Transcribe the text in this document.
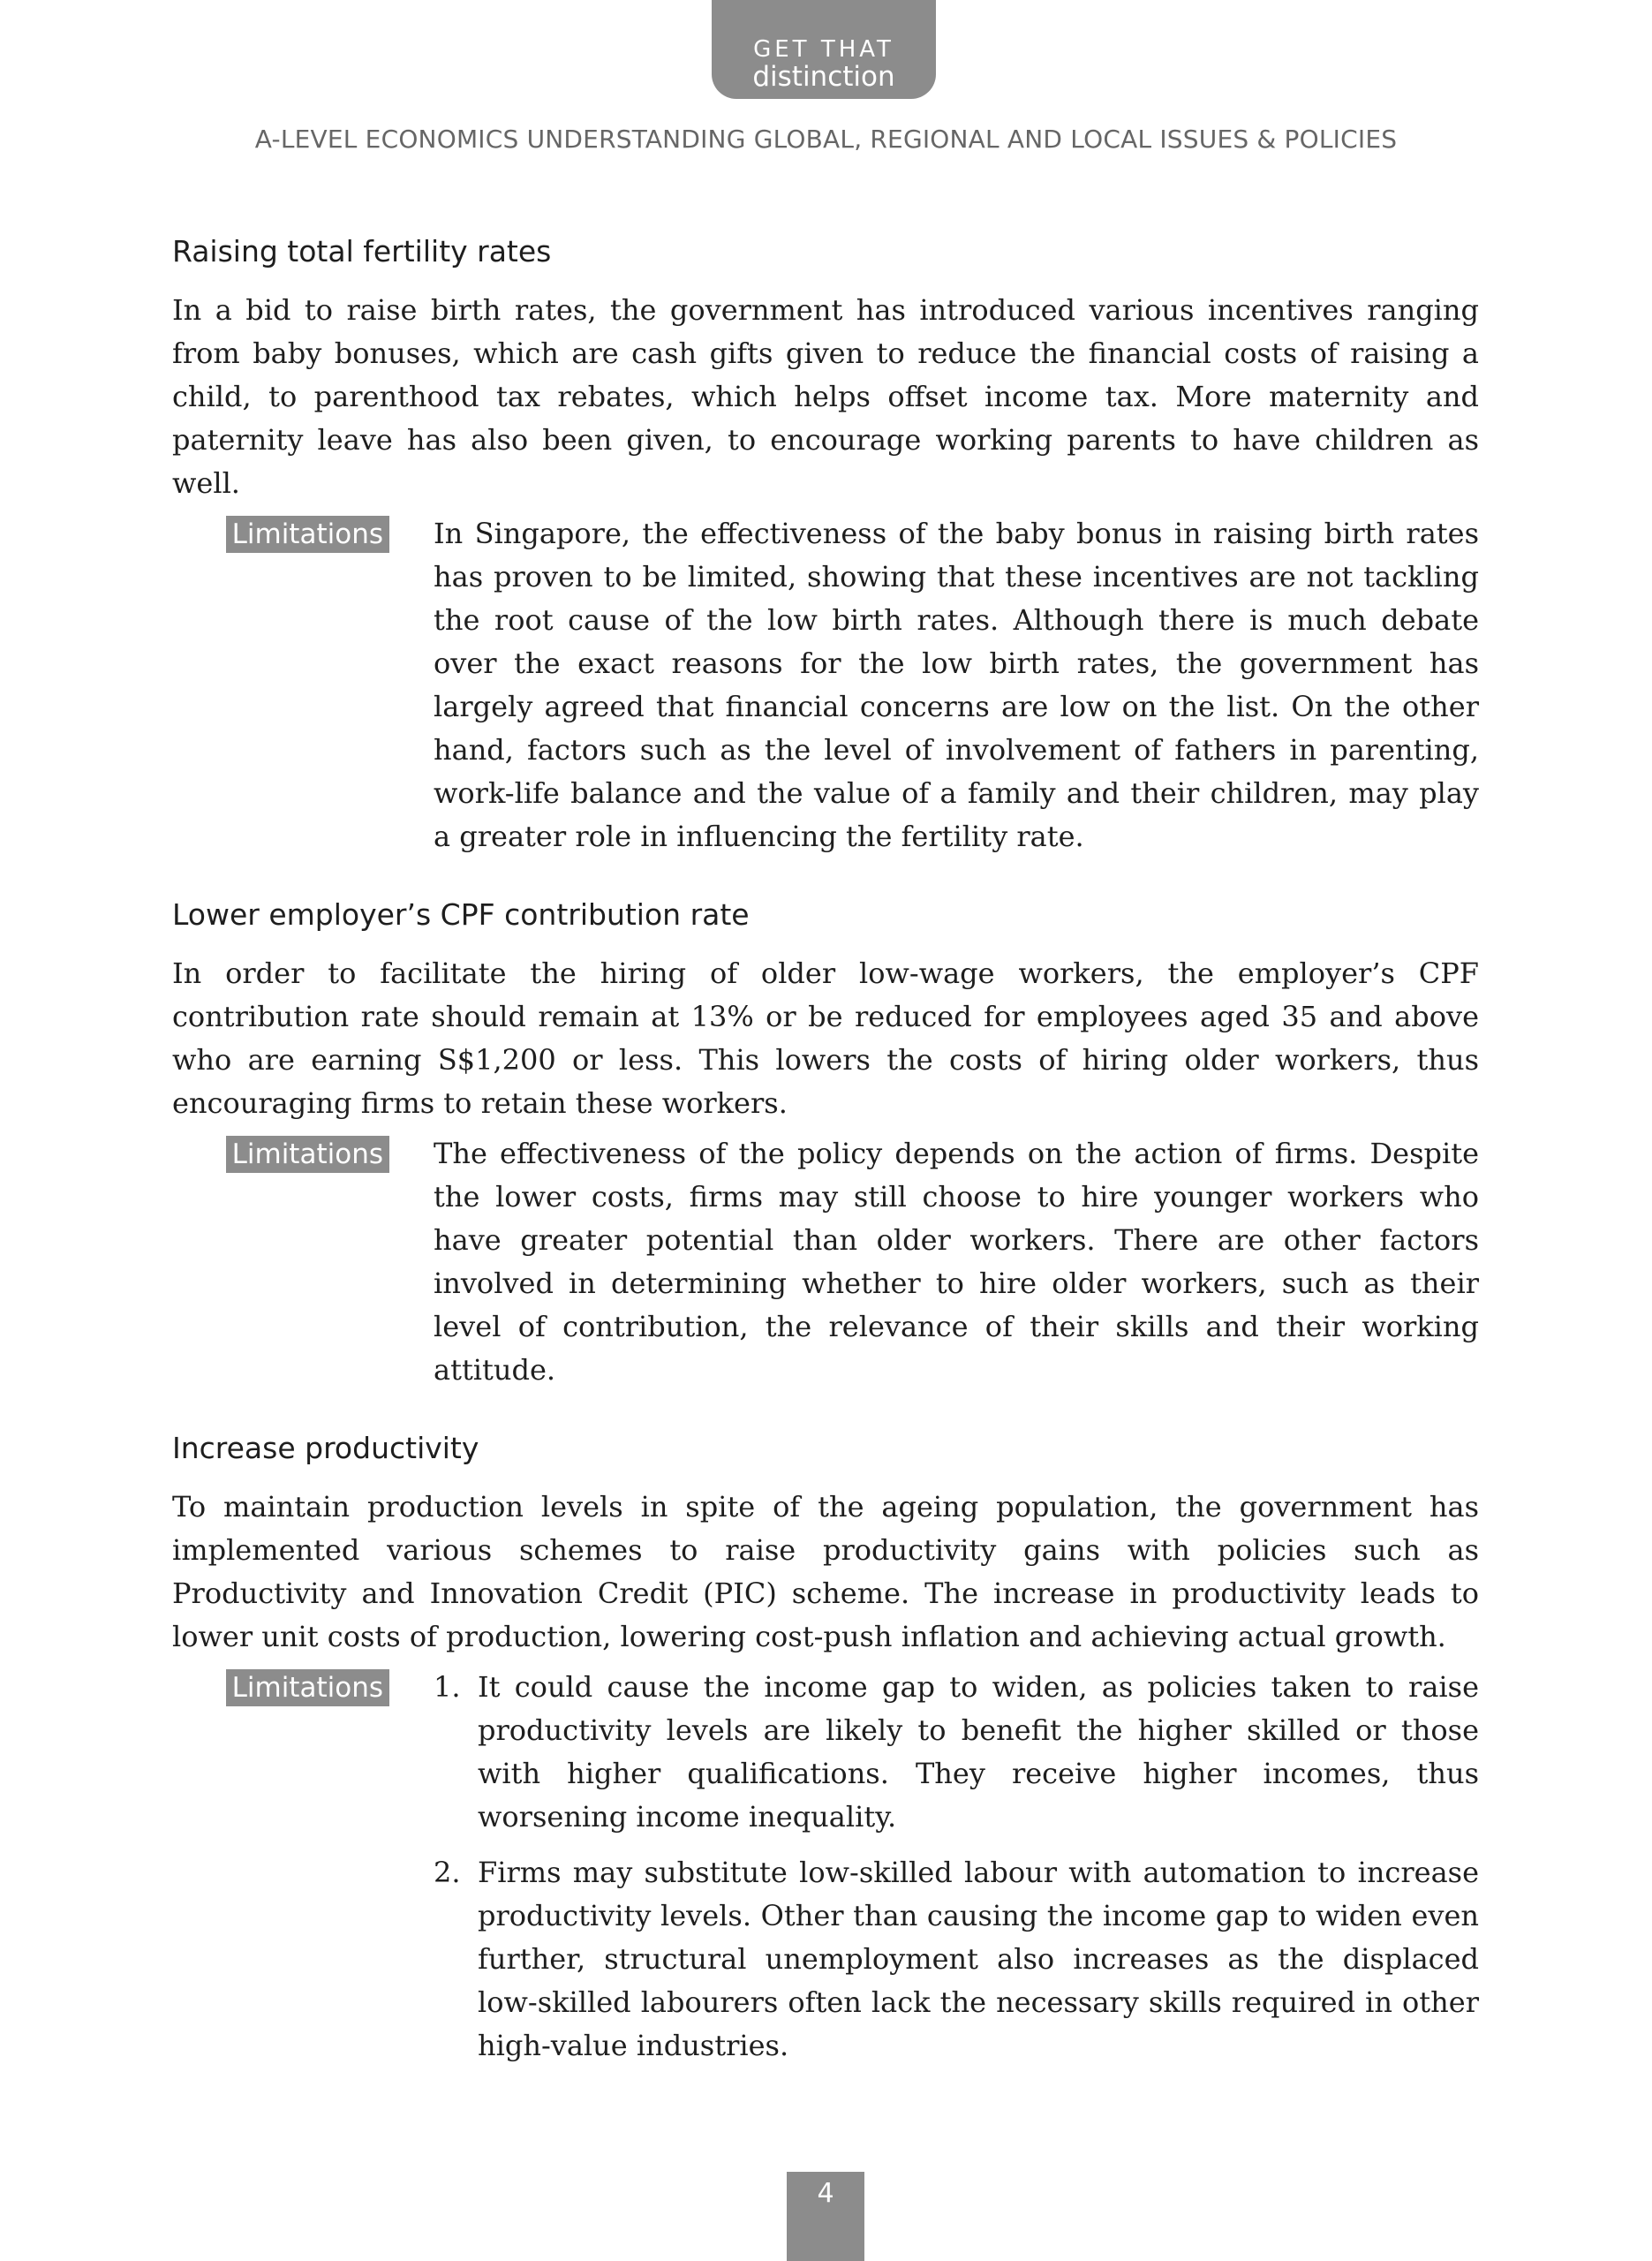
GET THAT
distinction
A-LEVEL ECONOMICS UNDERSTANDING GLOBAL, REGIONAL AND LOCAL ISSUES & POLICIES
Raising total fertility rates

In a bid to raise birth rates, the government has introduced various incentives ranging from baby bonuses, which are cash gifts given to reduce the financial costs of raising a child, to parenthood tax rebates, which helps offset income tax. More maternity and paternity leave has also been given, to encourage working parents to have children as well.

Limitations In Singapore, the effectiveness of the baby bonus in raising birth rates has proven to be limited, showing that these incentives are not tackling the root cause of the low birth rates. Although there is much debate over the exact reasons for the low birth rates, the government has largely agreed that financial concerns are low on the list. On the other hand, factors such as the level of involvement of fathers in parenting, work-life balance and the value of a family and their children, may play a greater role in influencing the fertility rate.
Lower employer’s CPF contribution rate

In order to facilitate the hiring of older low-wage workers, the employer’s CPF contribution rate should remain at 13% or be reduced for employees aged 35 and above who are earning S$1,200 or less. This lowers the costs of hiring older workers, thus encouraging firms to retain these workers.

Limitations The effectiveness of the policy depends on the action of firms. Despite the lower costs, firms may still choose to hire younger workers who have greater potential than older workers. There are other factors involved in determining whether to hire older workers, such as their level of contribution, the relevance of their skills and their working attitude.
Increase productivity

To maintain production levels in spite of the ageing population, the government has implemented various schemes to raise productivity gains with policies such as Productivity and Innovation Credit (PIC) scheme. The increase in productivity leads to lower unit costs of production, lowering cost-push inflation and achieving actual growth.

Limitations 1. It could cause the income gap to widen, as policies taken to raise productivity levels are likely to benefit the higher skilled or those with higher qualifications. They receive higher incomes, thus worsening income inequality.
2. Firms may substitute low-skilled labour with automation to increase productivity levels. Other than causing the income gap to widen even further, structural unemployment also increases as the displaced low-skilled labourers often lack the necessary skills required in other high-value industries.
4
